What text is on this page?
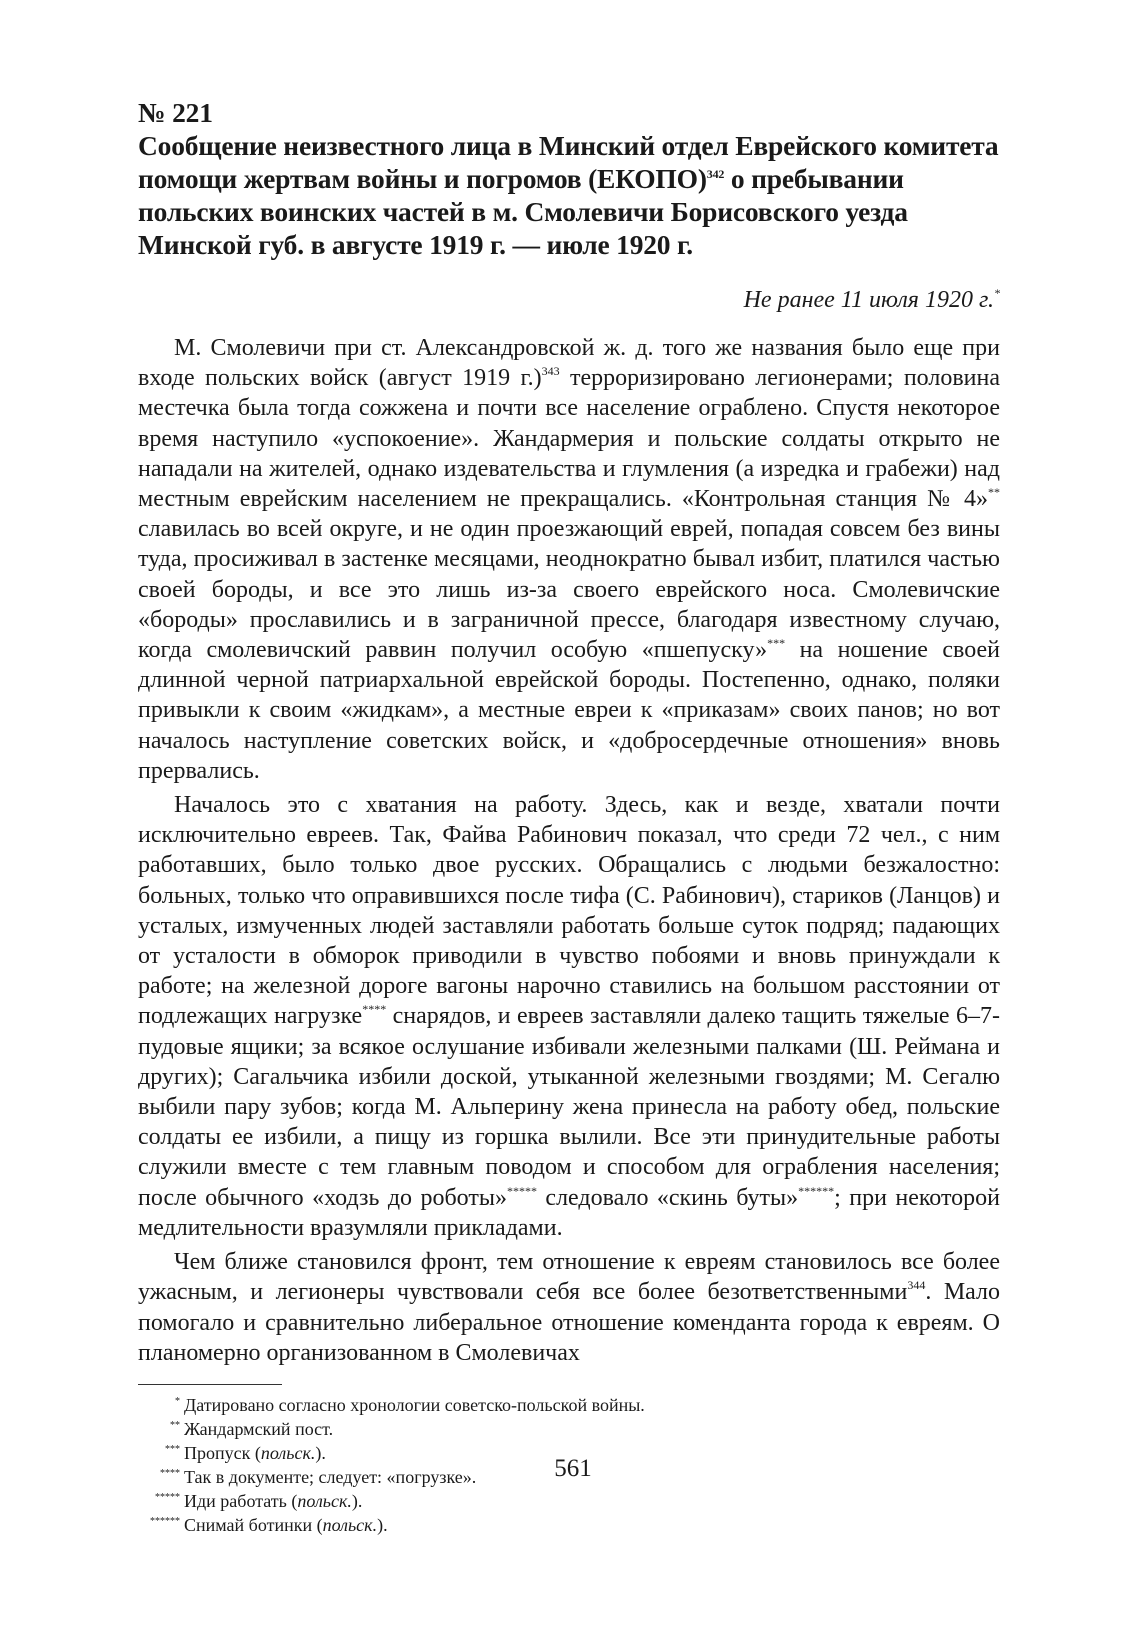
№ 221
Сообщение неизвестного лица в Минский отдел Еврейского комитета помощи жертвам войны и погромов (ЕКОПО)$^{342}$ о пребывании польских воинских частей в м. Смолевичи Борисовского уезда Минской губ. в августе 1919 г. — июле 1920 г.
Не ранее 11 июля 1920 г.*

М. Смолевичи при ст. Александровской ж. д. того же названия было еще при входе польских войск (август 1919 г.)$^{343}$ терроризировано легионерами; половина местечка была тогда сожжена и почти все население ограблено. Спустя некоторое время наступило «успокоение». Жандармерия и польские солдаты открыто не нападали на жителей, однако издевательства и глумления (а изредка и грабежи) над местным еврейским населением не прекращались. «Контрольная станция № 4»** славилась во всей округе, и не один проезжающий еврей, попадая совсем без вины туда, просиживал в застенке месяцами, неоднократно бывал избит, платился частью своей бороды, и все это лишь из-за своего еврейского носа. Смолевичские «бороды» прославились и в заграничной прессе, благодаря известному случаю, когда смолевичский раввин получил особую «пшепуску»*** на ношение своей длинной черной патриархальной еврейской бороды. Постепенно, однако, поляки привыкли к своим «жидкам», а местные евреи к «приказам» своих панов; но вот началось наступление советских войск, и «добросердечные отношения» вновь прервались.

Началось это с хватания на работу. Здесь, как и везде, хватали почти исключительно евреев. Так, Файва Рабинович показал, что среди 72 чел., с ним работавших, было только двое русских. Обращались с людьми безжалостно: больных, только что оправившихся после тифа (С. Рабинович), стариков (Ланцов) и усталых, измученных людей заставляли работать больше суток подряд; падающих от усталости в обморок приводили в чувство побоями и вновь принуждали к работе; на железной дороге вагоны нарочно ставились на большом расстоянии от подлежащих нагрузке**** снарядов, и евреев заставляли далеко тащить тяжелые 6–7-пудовые ящики; за всякое ослушание избивали железными палками (Ш. Реймана и других); Сагальчика избили доской, утыканной железными гвоздями; М. Сегалю выбили пару зубов; когда М. Альперину жена принесла на работу обед, польские солдаты ее избили, а пищу из горшка вылили. Все эти принудительные работы служили вместе с тем главным поводом и способом для ограбления населения; после обычного «ходзь до роботы»***** следовало «скинь буты»******; при некоторой медлительности вразумляли прикладами.

Чем ближе становился фронт, тем отношение к евреям становилось все более ужасным, и легионеры чувствовали себя все более безответственными$^{344}$. Мало помогало и сравнительно либеральное отношение коменданта города к евреям. О планомерно организованном в Смолевичах

* Датировано согласно хронологии советско-польской войны.
** Жандармский пост.
*** Пропуск (польск.).
**** Так в документе; следует: «погрузке».
***** Иди работать (польск.).
****** Снимай ботинки (польск.).
561
